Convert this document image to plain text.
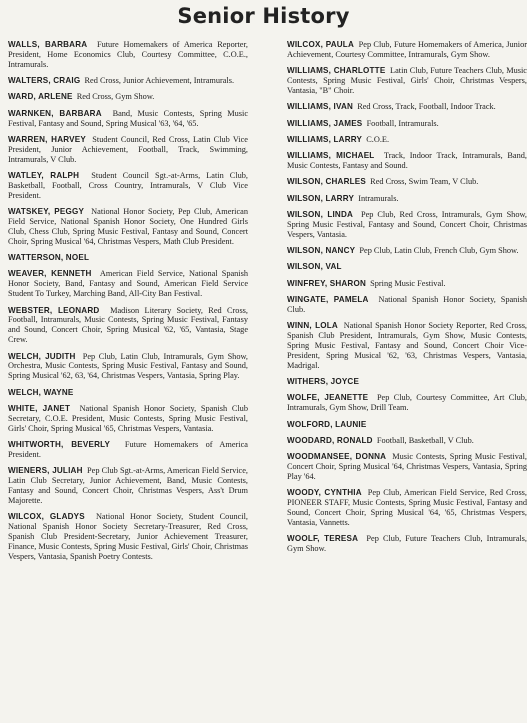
Senior History

WALLS, BARBARA Future Homemakers of America Reporter, President, Home Economics Club, Courtesy Committee, C.O.E., Intramurals.

WALTERS, CRAIG Red Cross, Junior Achievement, Intramurals.

WARD, ARLENE Red Cross, Gym Show.

WARNKEN, BARBARA Band, Music Contests, Spring Music Festival, Fantasy and Sound, Spring Musical '63, '64, '65.

WARREN, HARVEY Student Council, Red Cross, Latin Club Vice President, Junior Achievement, Football, Track, Swimming, Intramurals, V Club.

WATLEY, RALPH Student Council Sgt.-at-Arms, Latin Club, Basketball, Football, Cross Country, Intramurals, V Club Vice President.

WATSKEY, PEGGY National Honor Society, Pep Club, American Field Service, National Spanish Honor Society, One Hundred Girls Club, Chess Club, Spring Music Festival, Fantasy and Sound, Concert Choir, Spring Musical '64, Christmas Vespers, Math Club President.

WATTERSON, NOEL

WEAVER, KENNETH American Field Service, National Spanish Honor Society, Band, Fantasy and Sound, American Field Service Student To Turkey, Marching Band, All-City Ban Festival.

WEBSTER, LEONARD Madison Literary Society, Red Cross, Football, Intramurals, Music Contests, Spring Music Festival, Fantasy and Sound, Concert Choir, Spring Musical '62, '65, Vantasia, Stage Crew.

WELCH, JUDITH Pep Club, Latin Club, Intramurals, Gym Show, Orchestra, Music Contests, Spring Music Festival, Fantasy and Sound, Spring Musical '62, 63, '64, Christmas Vespers, Vantasia, Spring Play.

WELCH, WAYNE

WHITE, JANET National Spanish Honor Society, Spanish Club Secretary, C.O.E. President, Music Contests, Spring Music Festival, Girls' Choir, Spring Musical '65, Christmas Vespers, Vantasia.

WHITWORTH, BEVERLY Future Homemakers of America President.

WIENERS, JULIAH Pep Club Sgt.-at-Arms, American Field Service, Latin Club Secretary, Junior Achievement, Band, Music Contests, Fantasy and Sound, Concert Choir, Christmas Vespers, Ass't Drum Majorette.

WILCOX, GLADYS National Honor Society, Student Council, National Spanish Honor Society Secretary-Treasurer, Red Cross, Spanish Club President-Secretary, Junior Achievement Treasurer, Finance, Music Contests, Spring Music Festival, Girls' Choir, Christmas Vespers, Vantasia, Spanish Poetry Contests.

WILCOX, PAULA Pep Club, Future Homemakers of America, Junior Achievement, Courtesy Committee, Intramurals, Gym Show.

WILLIAMS, CHARLOTTE Latin Club, Future Teachers Club, Music Contests, Spring Music Festival, Girls' Choir, Christmas Vespers, Vantasia, "B" Choir.

WILLIAMS, IVAN Red Cross, Track, Football, Indoor Track.

WILLIAMS, JAMES Football, Intramurals.

WILLIAMS, LARRY C.O.E.

WILLIAMS, MICHAEL Track, Indoor Track, Intramurals, Band, Music Contests, Fantasy and Sound.

WILSON, CHARLES Red Cross, Swim Team, V Club.

WILSON, LARRY Intramurals.

WILSON, LINDA Pep Club, Red Cross, Intramurals, Gym Show, Spring Music Festival, Fantasy and Sound, Concert Choir, Christmas Vespers, Vantasia.

WILSON, NANCY Pep Club, Latin Club, French Club, Gym Show.

WILSON, VAL

WINFREY, SHARON Spring Music Festival.

WINGATE, PAMELA National Spanish Honor Society, Spanish Club.

WINN, LOLA National Spanish Honor Society Reporter, Red Cross, Spanish Club President, Intramurals, Gym Show, Music Contests, Spring Music Festival, Fantasy and Sound, Concert Choir Vice-President, Spring Musical '62, '63, Christmas Vespers, Vantasia, Madrigal.

WITHERS, JOYCE

WOLFE, JEANETTE Pep Club, Courtesy Committee, Art Club, Intramurals, Gym Show, Drill Team.

WOLFORD, LAUNIE

WOODARD, RONALD Football, Basketball, V Club.

WOODMANSEE, DONNA Music Contests, Spring Music Festival, Concert Choir, Spring Musical '64, Christmas Vespers, Vantasia, Spring Play '64.

WOODY, CYNTHIA Pep Club, American Field Service, Red Cross, PIONEER STAFF, Music Contests, Spring Music Festival, Fantasy and Sound, Concert Choir, Spring Musical '64, '65, Christmas Vespers, Vantasia, Vannetts.

WOOLF, TERESA Pep Club, Future Teachers Club, Intramurals, Gym Show.
